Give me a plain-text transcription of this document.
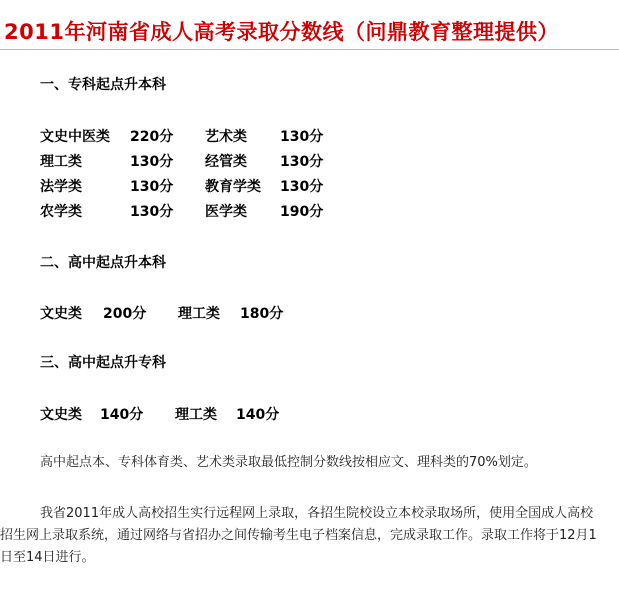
2011年河南省成人高考录取分数线（问鼎教育整理提供）
一、专科起点升本科
文史中医类 220分 艺术类 130分
理工类	130分 经管类 130分
法学类	130分 教育学类 130分
农学类	130分 医学类 190分
二、高中起点升本科
文史类 200分 理工类 180分
三、高中起点升专科
文史类 140分 理工类 140分

高中起点本、专科体育类、艺术类录取最低控制分数线按相应文、理科类的70%划定。

我省2011年成人高校招生实行远程网上录取，各招生院校设立本校录取场所，使用全国成人高校招生网上录取系统，通过网络与省招办之间传输考生电子档案信息，完成录取工作。录取工作将于12月1日至14日进行。
